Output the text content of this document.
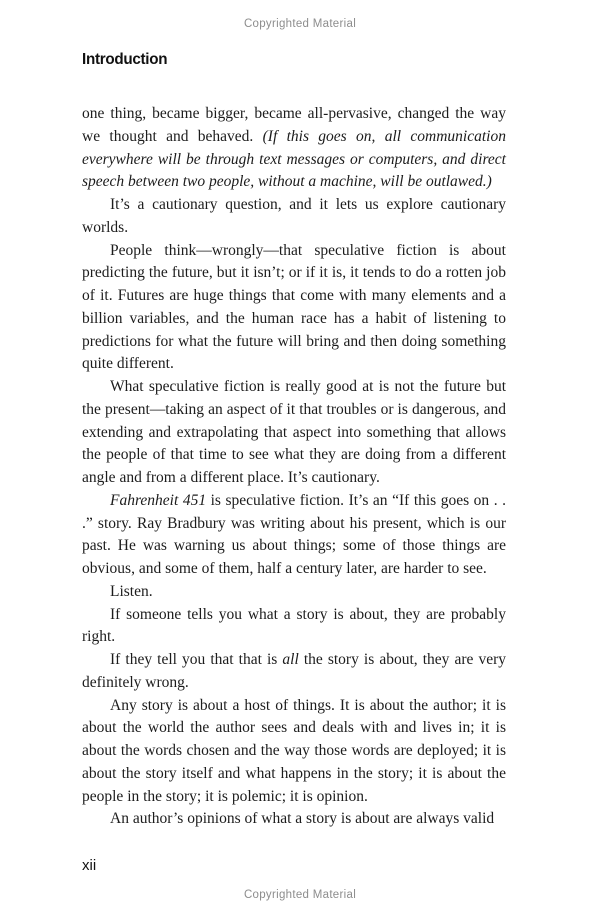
Copyrighted Material
Introduction

one thing, became bigger, became all-pervasive, changed the way we thought and behaved. (If this goes on, all communication everywhere will be through text messages or computers, and direct speech between two people, without a machine, will be outlawed.)

It’s a cautionary question, and it lets us explore cautionary worlds.

People think—wrongly—that speculative fiction is about predicting the future, but it isn’t; or if it is, it tends to do a rotten job of it. Futures are huge things that come with many elements and a billion variables, and the human race has a habit of listening to predictions for what the future will bring and then doing something quite different.

What speculative fiction is really good at is not the future but the present—taking an aspect of it that troubles or is dangerous, and extending and extrapolating that aspect into something that allows the people of that time to see what they are doing from a different angle and from a different place. It’s cautionary.

Fahrenheit 451 is speculative fiction. It’s an “If this goes on . . .” story. Ray Bradbury was writing about his present, which is our past. He was warning us about things; some of those things are obvious, and some of them, half a century later, are harder to see.

Listen.

If someone tells you what a story is about, they are probably right.

If they tell you that that is all the story is about, they are very definitely wrong.

Any story is about a host of things. It is about the author; it is about the world the author sees and deals with and lives in; it is about the words chosen and the way those words are deployed; it is about the story itself and what happens in the story; it is about the people in the story; it is polemic; it is opinion.

An author’s opinions of what a story is about are always valid

xii
Copyrighted Material
